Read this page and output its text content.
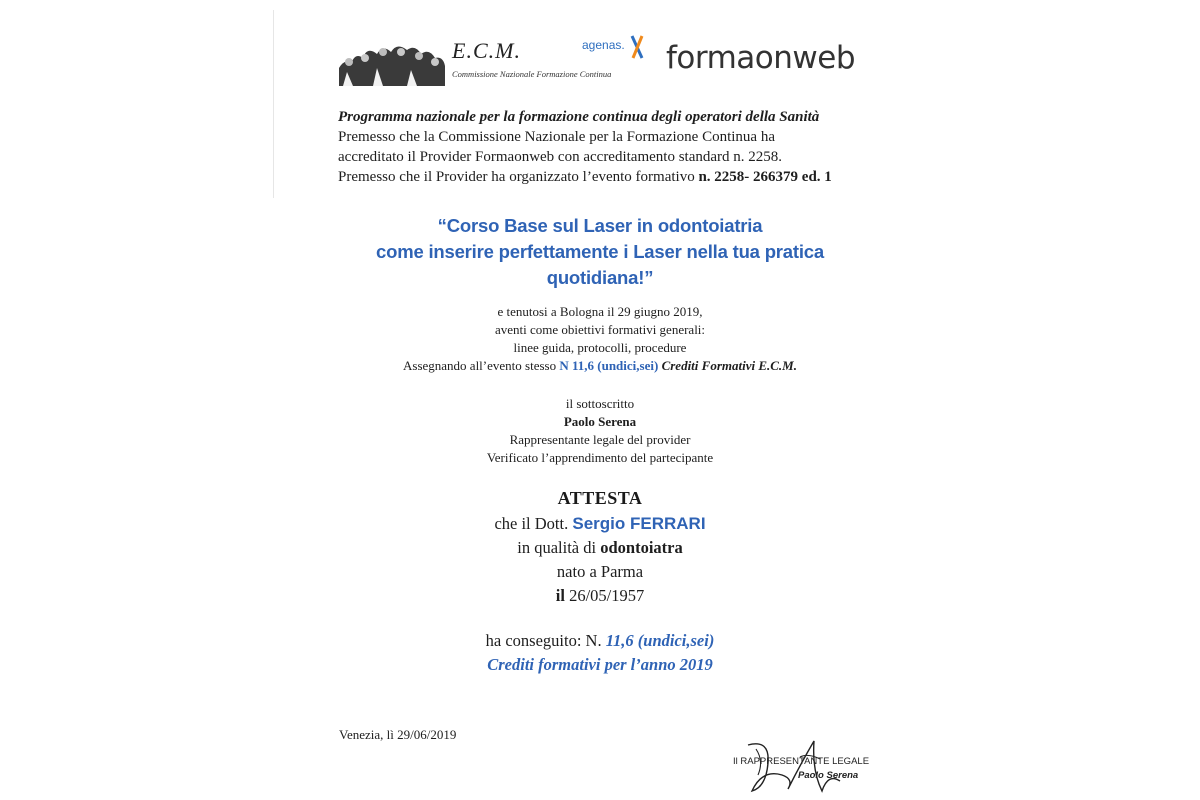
E.C.M.
Commissione Nazionale Formazione Continua
agenas. formaonweb
Programma nazionale per la formazione continua degli operatori della Sanità
Premesso che la Commissione Nazionale per la Formazione Continua ha
accreditato il Provider Formaonweb con accreditamento standard n. 2258.
Premesso che il Provider ha organizzato l’evento formativo n. 2258- 266379 ed. 1
“Corso Base sul Laser in odontoiatria
come inserire perfettamente i Laser nella tua pratica
quotidiana!”
e tenutosi a Bologna il 29 giugno 2019,
aventi come obiettivi formativi generali:
linee guida, protocolli, procedure
Assegnando all’evento stesso N 11,6 (undici,sei) Crediti Formativi E.C.M.
il sottoscritto
Paolo Serena
Rappresentante legale del provider
Verificato l’apprendimento del partecipante
ATTESTA
che il Dott. Sergio FERRARI
in qualità di odontoiatra
nato a Parma
il 26/05/1957
ha conseguito: N. 11,6 (undici,sei)
Crediti formativi per l’anno 2019
Venezia, lì 29/06/2019
Il RAPPRESENTANTE LEGALE
Paolo Serena
